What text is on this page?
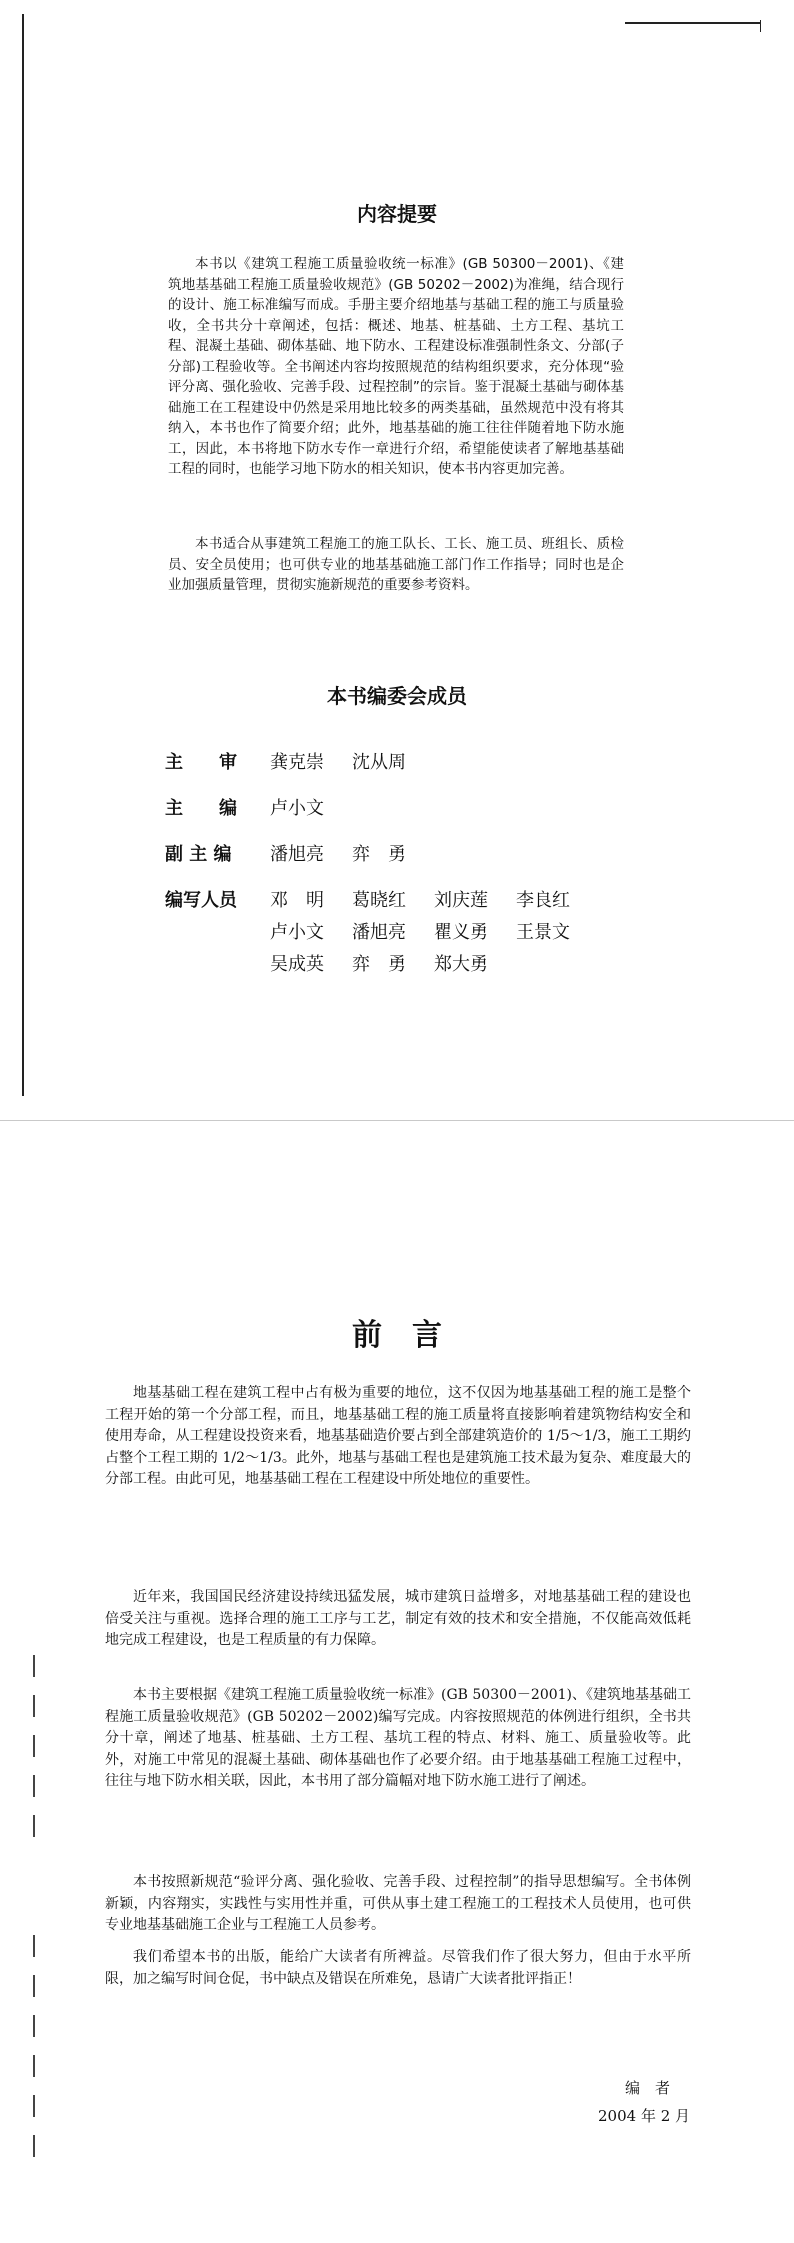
内容提要

本书以《建筑工程施工质量验收统一标准》(GB 50300－2001)、《建筑地基基础工程施工质量验收规范》(GB 50202－2002)为准绳，结合现行的设计、施工标准编写而成。手册主要介绍地基与基础工程的施工与质量验收，全书共分十章阐述，包括：概述、地基、桩基础、土方工程、基坑工程、混凝土基础、砌体基础、地下防水、工程建设标准强制性条文、分部(子分部)工程验收等。全书阐述内容均按照规范的结构组织要求，充分体现“验评分离、强化验收、完善手段、过程控制”的宗旨。鉴于混凝土基础与砌体基础施工在工程建设中仍然是采用地比较多的两类基础，虽然规范中没有将其纳入，本书也作了简要介绍；此外，地基基础的施工往往伴随着地下防水施工，因此，本书将地下防水专作一章进行介绍，希望能使读者了解地基基础工程的同时，也能学习地下防水的相关知识，使本书内容更加完善。

本书适合从事建筑工程施工的施工队长、工长、施工员、班组长、质检员、安全员使用；也可供专业的地基基础施工部门作工作指导；同时也是企业加强质量管理，贯彻实施新规范的重要参考资料。

本书编委会成员
主　　审	龚克崇	沈从周
主　　编	卢小文
副 主 编	潘旭亮	弈　勇
编写人员	邓　明	葛晓红	刘庆莲	李良红
卢小文	潘旭亮	瞿义勇	王景文
吴成英	弈　勇	郑大勇
前　言

地基基础工程在建筑工程中占有极为重要的地位，这不仅因为地基基础工程的施工是整个工程开始的第一个分部工程，而且，地基基础工程的施工质量将直接影响着建筑物结构安全和使用寿命，从工程建设投资来看，地基基础造价要占到全部建筑造价的 1/5～1/3，施工工期约占整个工程工期的 1/2～1/3。此外，地基与基础工程也是建筑施工技术最为复杂、难度最大的分部工程。由此可见，地基基础工程在工程建设中所处地位的重要性。

近年来，我国国民经济建设持续迅猛发展，城市建筑日益增多，对地基基础工程的建设也倍受关注与重视。选择合理的施工工序与工艺，制定有效的技术和安全措施，不仅能高效低耗地完成工程建设，也是工程质量的有力保障。

本书主要根据《建筑工程施工质量验收统一标准》(GB 50300－2001)、《建筑地基基础工程施工质量验收规范》(GB 50202－2002)编写完成。内容按照规范的体例进行组织，全书共分十章，阐述了地基、桩基础、土方工程、基坑工程的特点、材料、施工、质量验收等。此外，对施工中常见的混凝土基础、砌体基础也作了必要介绍。由于地基基础工程施工过程中，往往与地下防水相关联，因此，本书用了部分篇幅对地下防水施工进行了阐述。

本书按照新规范“验评分离、强化验收、完善手段、过程控制”的指导思想编写。全书体例新颖，内容翔实，实践性与实用性并重，可供从事土建工程施工的工程技术人员使用，也可供专业地基基础施工企业与工程施工人员参考。

我们希望本书的出版，能给广大读者有所裨益。尽管我们作了很大努力，但由于水平所限，加之编写时间仓促，书中缺点及错误在所难免，恳请广大读者批评指正！

编　者
2004 年 2 月
